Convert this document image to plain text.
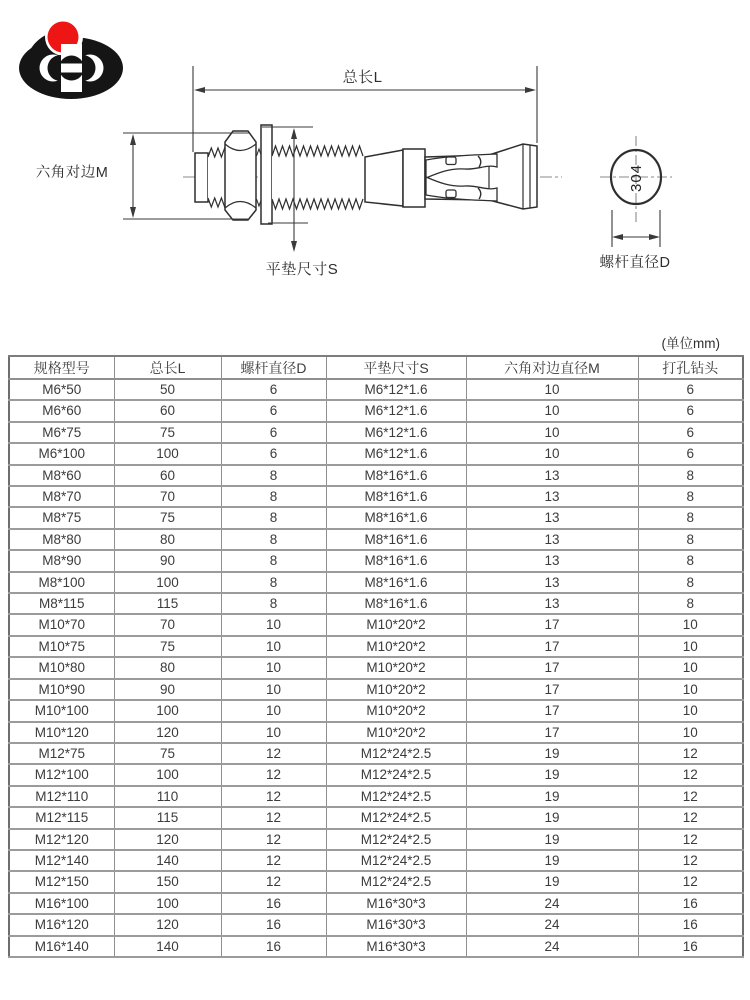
总长L
六角对边M
平垫尺寸S	螺杆直径D
304
(单位mm)
规格型号	总长L	螺杆直径D	平垫尺寸S	六角对边直径M	打孔钻头
M6*50	50	6	M6*12*1.6	10	6
M6*60	60	6	M6*12*1.6	10	6
M6*75	75	6	M6*12*1.6	10	6
M6*100	100	6	M6*12*1.6	10	6
M8*60	60	8	M8*16*1.6	13	8
M8*70	70	8	M8*16*1.6	13	8
M8*75	75	8	M8*16*1.6	13	8
M8*80	80	8	M8*16*1.6	13	8
M8*90	90	8	M8*16*1.6	13	8
M8*100	100	8	M8*16*1.6	13	8
M8*115	115	8	M8*16*1.6	13	8
M10*70	70	10	M10*20*2	17	10
M10*75	75	10	M10*20*2	17	10
M10*80	80	10	M10*20*2	17	10
M10*90	90	10	M10*20*2	17	10
M10*100	100	10	M10*20*2	17	10
M10*120	120	10	M10*20*2	17	10
M12*75	75	12	M12*24*2.5	19	12
M12*100	100	12	M12*24*2.5	19	12
M12*110	110	12	M12*24*2.5	19	12
M12*115	115	12	M12*24*2.5	19	12
M12*120	120	12	M12*24*2.5	19	12
M12*140	140	12	M12*24*2.5	19	12
M12*150	150	12	M12*24*2.5	19	12
M16*100	100	16	M16*30*3	24	16
M16*120	120	16	M16*30*3	24	16
M16*140	140	16	M16*30*3	24	16
